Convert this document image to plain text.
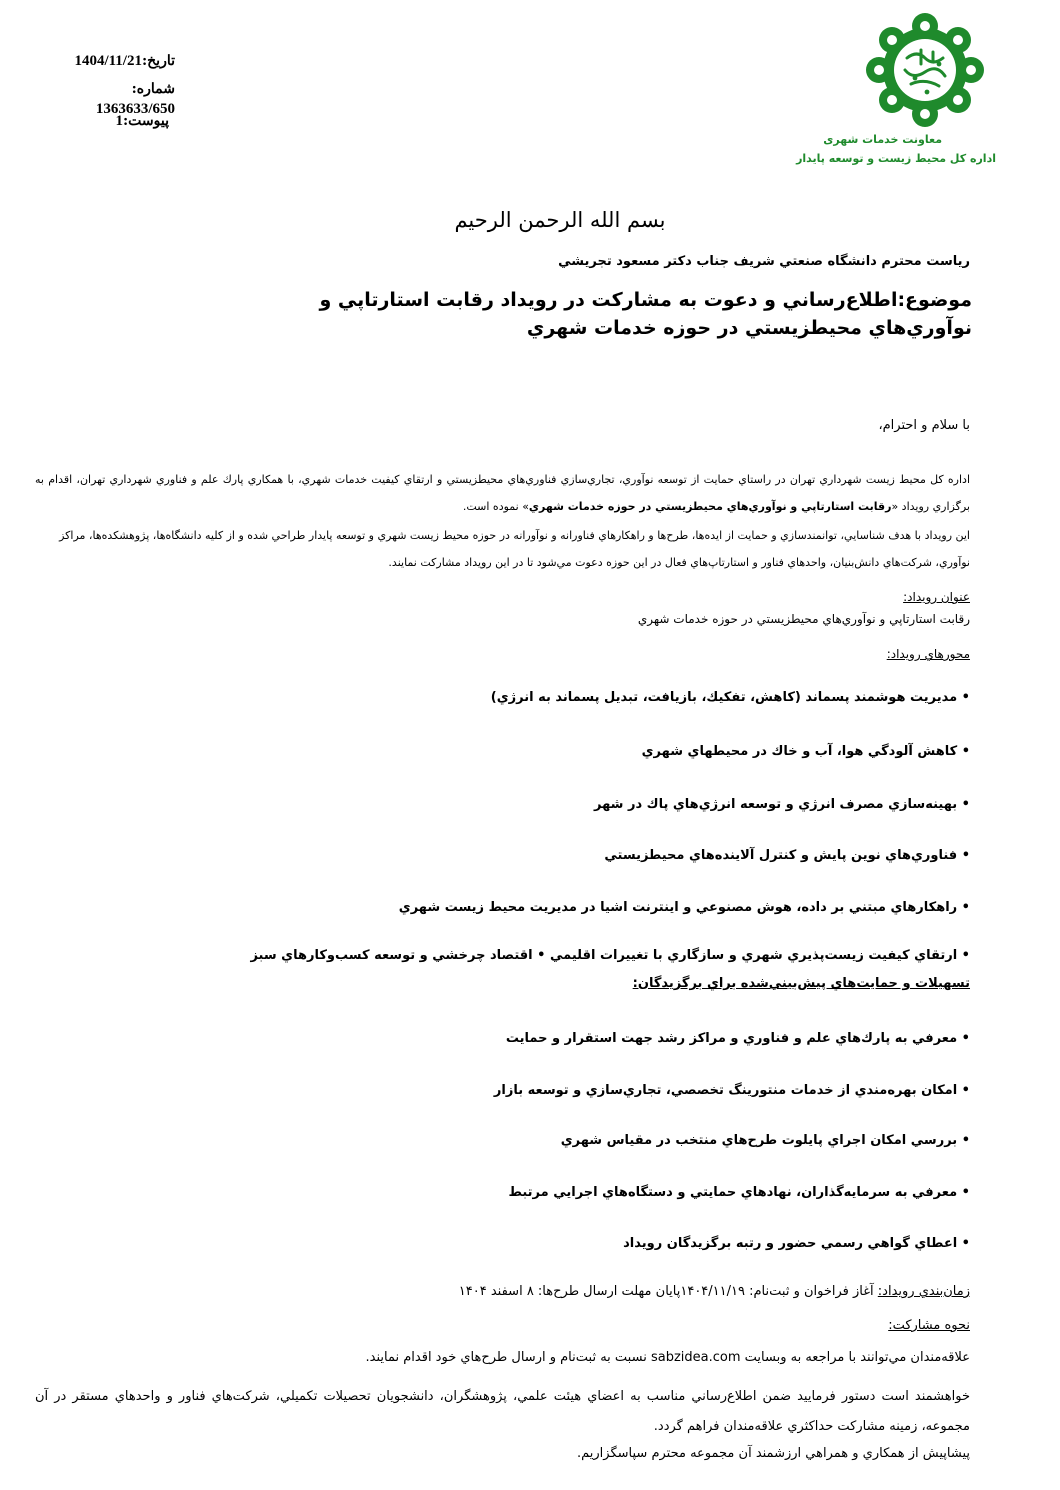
تاریخ:1404/11/21
شماره:
1363633/650
پیوست:1
معاونت خدمات شهری
اداره کل محیط زیست و توسعه پایدار
بسم الله الرحمن الرحيم
رياست محترم دانشگاه صنعتي شريف جناب دكتر مسعود تجريشي
موضوع:اطلاع‌رساني و دعوت به مشاركت در رويداد رقابت استارتاپي و
نوآوري‌هاي محيطزيستي در حوزه خدمات شهري
با سلام و احترام،
اداره كل محيط زيست شهرداري تهران در راستاي حمايت از توسعه نوآوري، تجاري‌سازي فناوري‌هاي محيطزيستي و ارتقاي كيفيت خدمات شهري، با همكاري پارك علم و فناوري شهرداري تهران، اقدام به برگزاري رويداد «رقابت استارتاپي و نوآوري‌هاي محيطزيستي در حوزه خدمات شهري» نموده است.
اين رويداد با هدف شناسايي، توانمندسازي و حمايت از ايده‌ها، طرح‌ها و راهكارهاي فناورانه و نوآورانه در حوزه محيط زيست شهري و توسعه پايدار طراحي شده و از كليه دانشگاه‌ها، پژوهشكده‌ها، مراكز نوآوري، شركت‌هاي دانش‌بنيان، واحدهاي فناور و استارتاپ‌هاي فعال در اين حوزه دعوت مي‌شود تا در اين رويداد مشاركت نمايند.
عنوان رويداد:
رقابت استارتاپي و نوآوري‌هاي محيطزيستي در حوزه خدمات شهري
محورهاي رويداد:
• مديريت هوشمند پسماند (كاهش، تفكيك، بازيافت، تبديل پسماند به انرژي)
• كاهش آلودگي هوا، آب و خاك در محيطهاي شهري
• بهينه‌سازي مصرف انرژي و توسعه انرژي‌هاي پاك در شهر
• فناوري‌هاي نوين پايش و كنترل آلاينده‌هاي محيطزيستي
• راهكارهاي مبتني بر داده، هوش مصنوعي و اينترنت اشيا در مديريت محيط زيست شهري
• ارتقاي كيفيت زيست‌پذيري شهري و سازگاري با تغييرات اقليمي • اقتصاد چرخشي و توسعه كسب‌وكارهاي سبز
تسهيلات و حمايت‌هاي پيش‌بيني‌شده براي برگزيدگان:
• معرفي به پارك‌هاي علم و فناوري و مراكز رشد جهت استقرار و حمايت
• امكان بهره‌مندي از خدمات منتورينگ تخصصي، تجاري‌سازي و توسعه بازار
• بررسي امكان اجراي پايلوت طرح‌هاي منتخب در مقياس شهري
• معرفي به سرمايه‌گذاران، نهادهاي حمايتي و دستگاه‌هاي اجرايي مرتبط
• اعطاي گواهي رسمي حضور و رتبه برگزيدگان رويداد
زمان‌بندي رويداد: آغاز فراخوان و ثبت‌نام: ۱۴۰۴/۱۱/۱۹پايان مهلت ارسال طرح‌ها: ۸ اسفند ۱۴۰۴
نحوه مشاركت:
علاقه‌مندان مي‌توانند با مراجعه به وبسايت sabzidea.com نسبت به ثبت‌نام و ارسال طرح‌هاي خود اقدام نمايند.
خواهشمند است دستور فرماييد ضمن اطلاع‌رساني مناسب به اعضاي هيئت علمي، پژوهشگران، دانشجويان تحصيلات تكميلي، شركت‌هاي فناور و واحدهاي مستقر در آن مجموعه، زمينه مشاركت حداكثري علاقه‌مندان فراهم گردد.
پيشاپيش از همكاري و همراهي ارزشمند آن مجموعه محترم سپاسگزاريم.
